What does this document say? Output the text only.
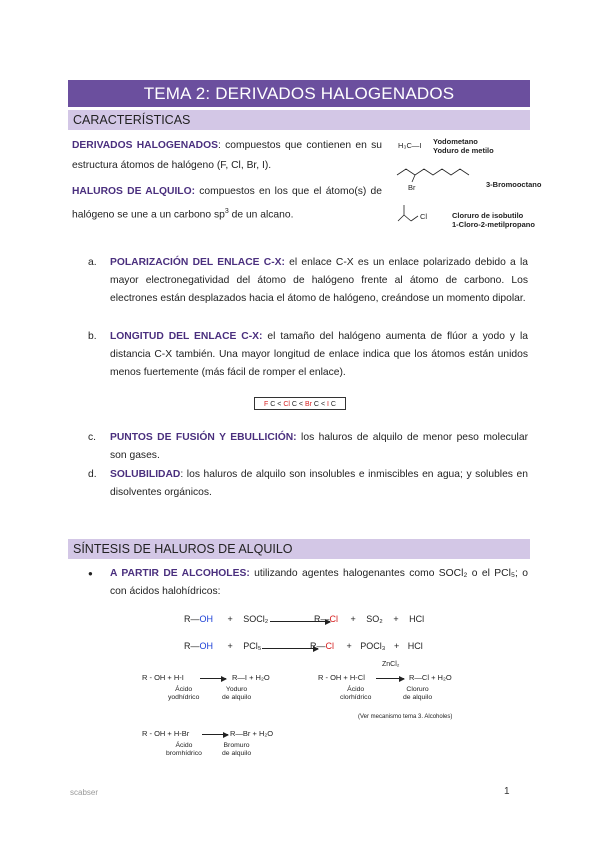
TEMA 2: DERIVADOS HALOGENADOS
CARACTERÍSTICAS
DERIVADOS HALOGENADOS: compuestos que contienen en su estructura átomos de halógeno (F, Cl, Br, I).
HALUROS DE ALQUILO: compuestos en los que el átomo(s) de halógeno se une a un carbono $sp^3$ de un alcano.
H₃C—I Yodometano
Yoduro de metilo
Br	3-Bromooctano
Cl	Cloruro de isobutilo
1-Cloro-2-metilpropano
a. POLARIZACIÓN DEL ENLACE C-X: el enlace C-X es un enlace polarizado debido a la mayor electronegatividad del átomo de halógeno frente al átomo de carbono. Los electrones están desplazados hacia el átomo de halógeno, creándose un momento dipolar.
b. LONGITUD DEL ENLACE C-X: el tamaño del halógeno aumenta de flúor a yodo y la distancia C-X también. Una mayor longitud de enlace indica que los átomos están unidos menos fuertemente (más fácil de romper el enlace).
F C < Cl C < Br C < I C
c. PUNTOS DE FUSIÓN Y EBULLICIÓN: los haluros de alquilo de menor peso molecular son gases.
d. SOLUBILIDAD: los haluros de alquilo son insolubles e inmiscibles en agua; y solubles en disolventes orgánicos.
SÍNTESIS DE HALUROS DE ALQUILO
● A PARTIR DE ALCOHOLES: utilizando agentes halogenantes como SOCl₂ o el PCl₅; o con ácidos halohídricos:
R—OH + SOCl₂	R—Cl + SO₂ + HCl
R—OH + PCl₅	R—Cl + POCl₃ + HCl
R - OH + H-I	R—I + H₂O
Ácido
yodhídrico
Yoduro
de alquilo
ZnCl₂
R - OH + H-Cl	R—Cl + H₂O
Ácido
clorhídrico
Cloruro
de alquilo
(Ver mecanismo tema 3. Alcoholes)
R - OH + H-Br	R—Br + H₂O
Ácido
bromhídrico
Bromuro
de alquilo
scabser	1
